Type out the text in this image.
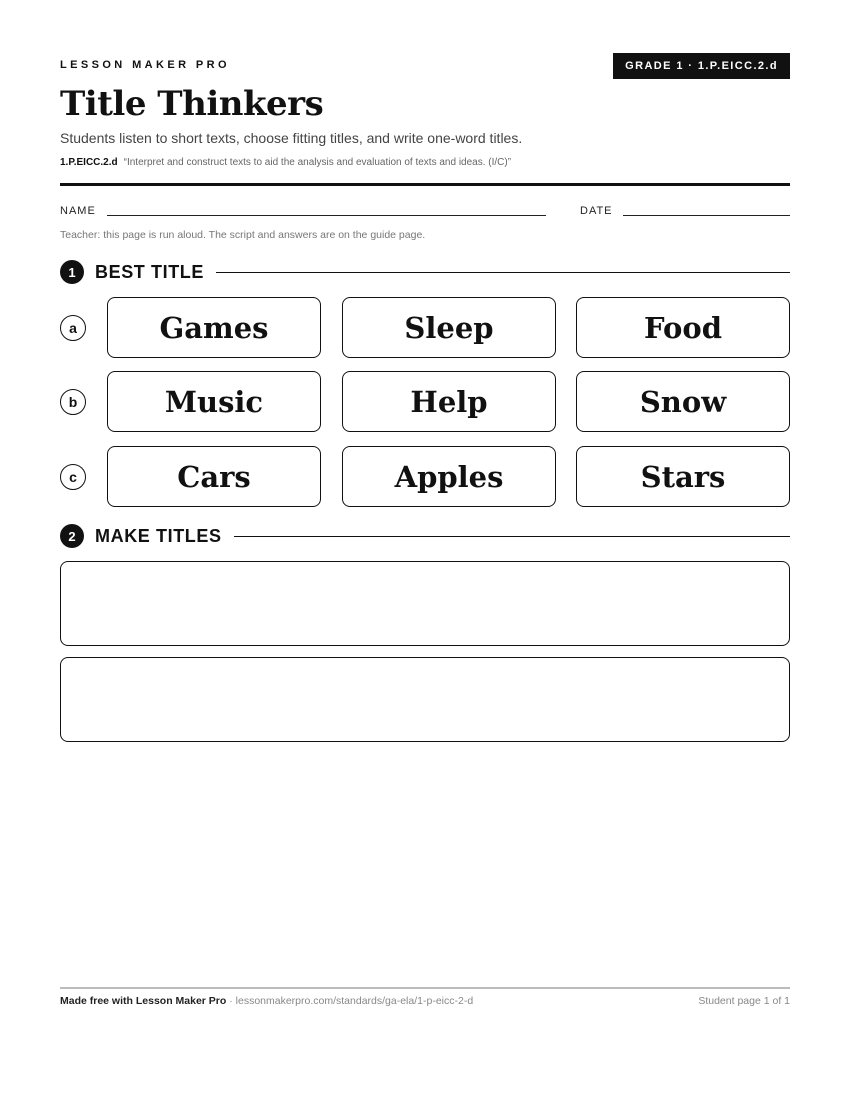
LESSON MAKER PRO	GRADE 1 · 1.P.EICC.2.d
Title Thinkers
Students listen to short texts, choose fitting titles, and write one-word titles.
1.P.EICC.2.d “Interpret and construct texts to aid the analysis and evaluation of texts and ideas. (I/C)”
NAME	DATE
Teacher: this page is run aloud. The script and answers are on the guide page.
1	BEST TITLE
a	Games	Sleep	Food
b	Music	Help	Snow
c	Cars	Apples	Stars
2	MAKE TITLES
Made free with Lesson Maker Pro · lessonmakerpro.com/standards/ga-ela/1-p-eicc-2-d	Student page 1 of 1
